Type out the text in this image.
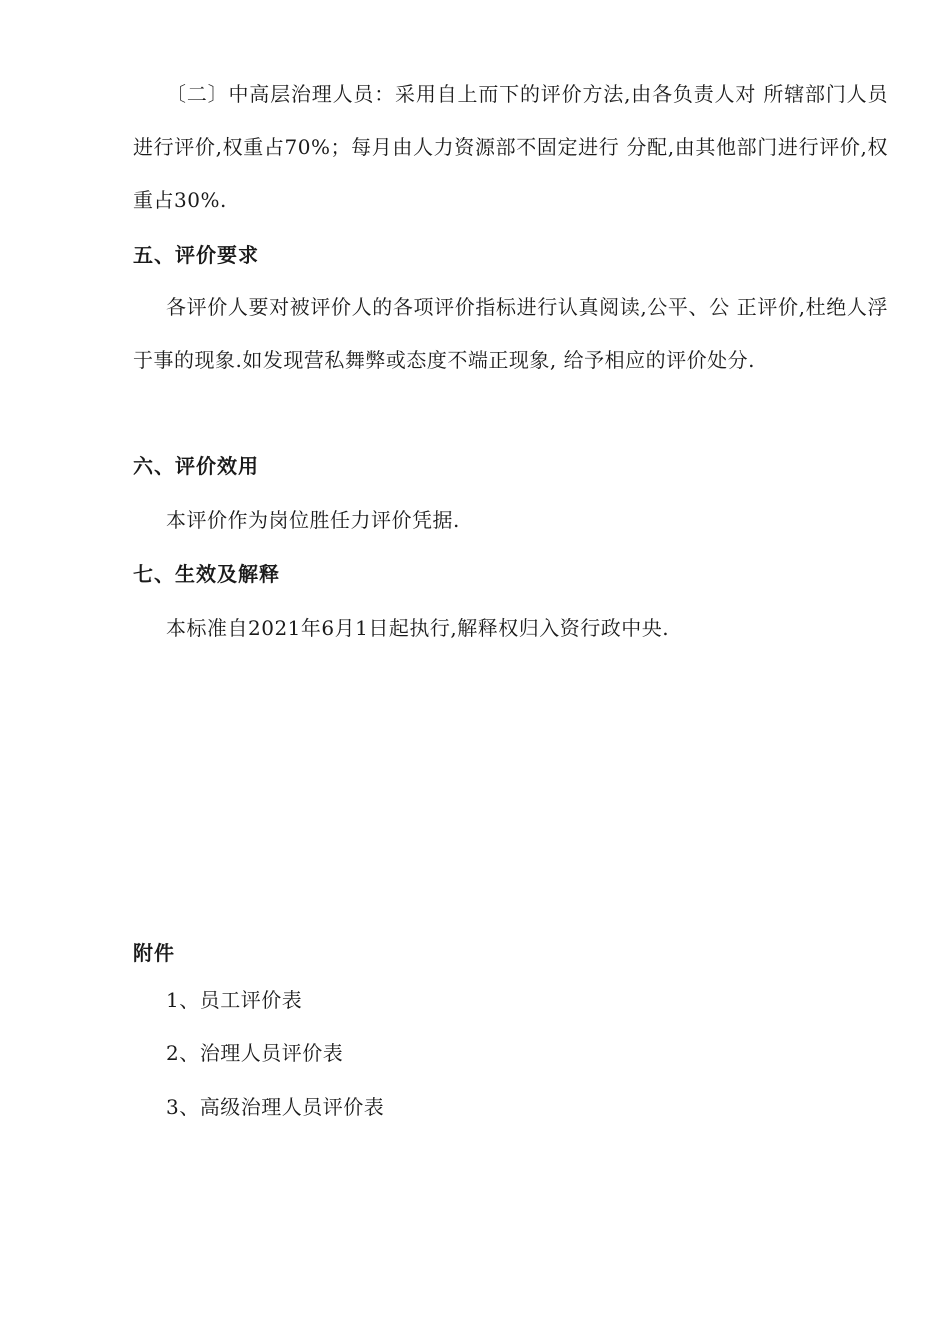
〔二〕中高层治理人员：采用自上而下的评价方法,由各负责人对 所辖部门人员进行评价,权重占70%；每月由人力资源部不固定进行 分配,由其他部门进行评价,权重占30%.

五、评价要求

各评价人要对被评价人的各项评价指标进行认真阅读,公平、公 正评价,杜绝人浮于事的现象.如发现营私舞弊或态度不端正现象, 给予相应的评价处分.

六、评价效用

本评价作为岗位胜任力评价凭据.

七、生效及解释

本标准自2021年6月1日起执行,解释权归入资行政中央.

附件

1、员工评价表

2、治理人员评价表

3、高级治理人员评价表
